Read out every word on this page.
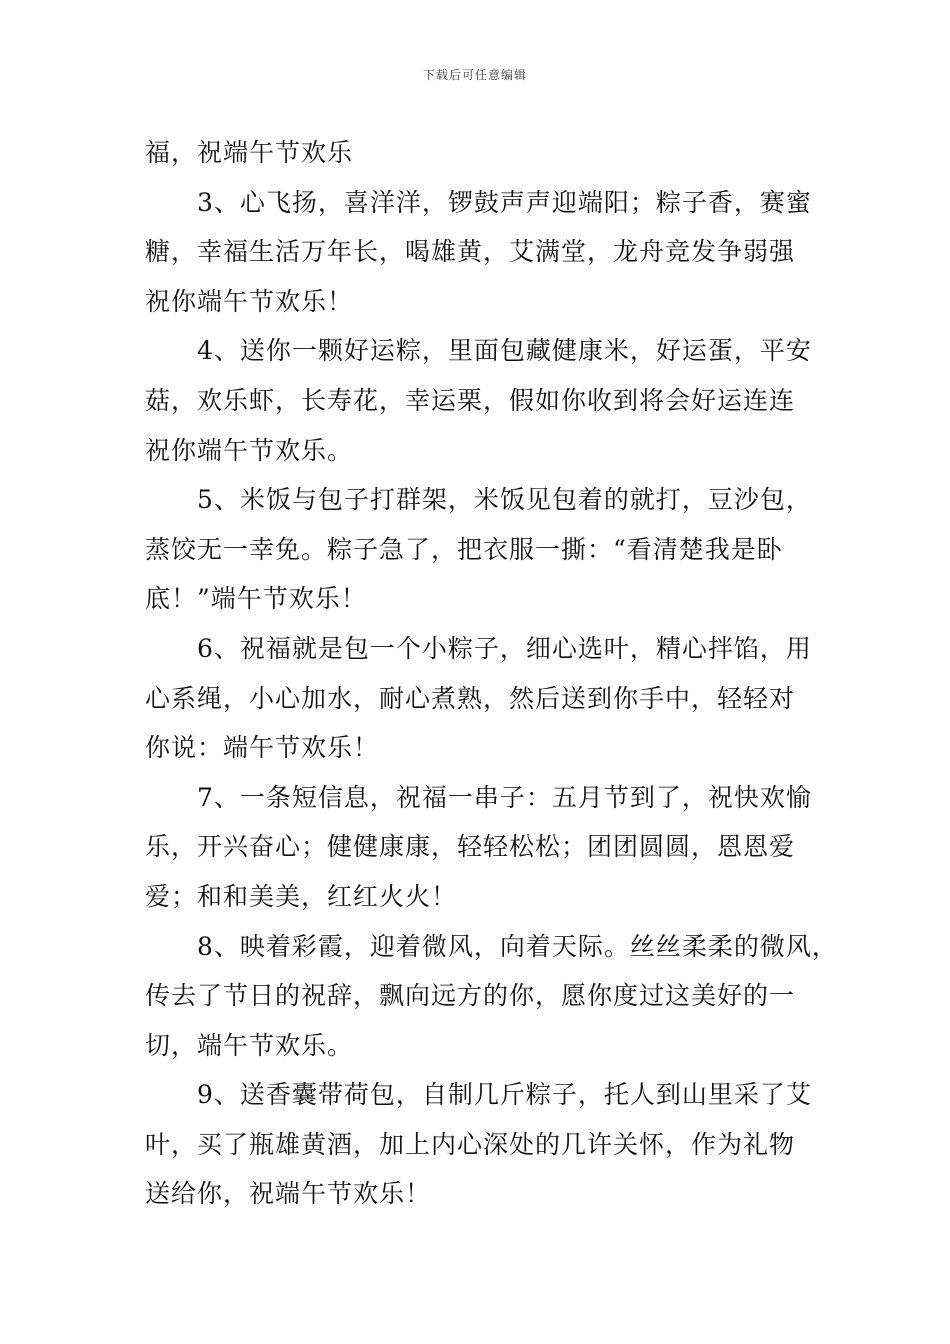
下载后可任意编辑
福，祝端午节欢乐
3、心飞扬，喜洋洋，锣鼓声声迎端阳；粽子香，赛蜜
糖，幸福生活万年长，喝雄黄，艾满堂，龙舟竞发争弱强
祝你端午节欢乐！
4、送你一颗好运粽，里面包藏健康米，好运蛋，平安
菇，欢乐虾，长寿花，幸运栗，假如你收到将会好运连连
祝你端午节欢乐。
5、米饭与包子打群架，米饭见包着的就打，豆沙包，
蒸饺无一幸免。粽子急了，把衣服一撕：“看清楚我是卧
底！”端午节欢乐！
6、祝福就是包一个小粽子，细心选叶，精心拌馅，用
心系绳，小心加水，耐心煮熟，然后送到你手中，轻轻对
你说：端午节欢乐！
7、一条短信息，祝福一串子：五月节到了，祝快欢愉
乐，开兴奋心；健健康康，轻轻松松；团团圆圆，恩恩爱
爱；和和美美，红红火火！
8、映着彩霞，迎着微风，向着天际。丝丝柔柔的微风，
传去了节日的祝辞，飘向远方的你，愿你度过这美好的一
切，端午节欢乐。
9、送香囊带荷包，自制几斤粽子，托人到山里采了艾
叶，买了瓶雄黄酒，加上内心深处的几许关怀，作为礼物
送给你，祝端午节欢乐！
